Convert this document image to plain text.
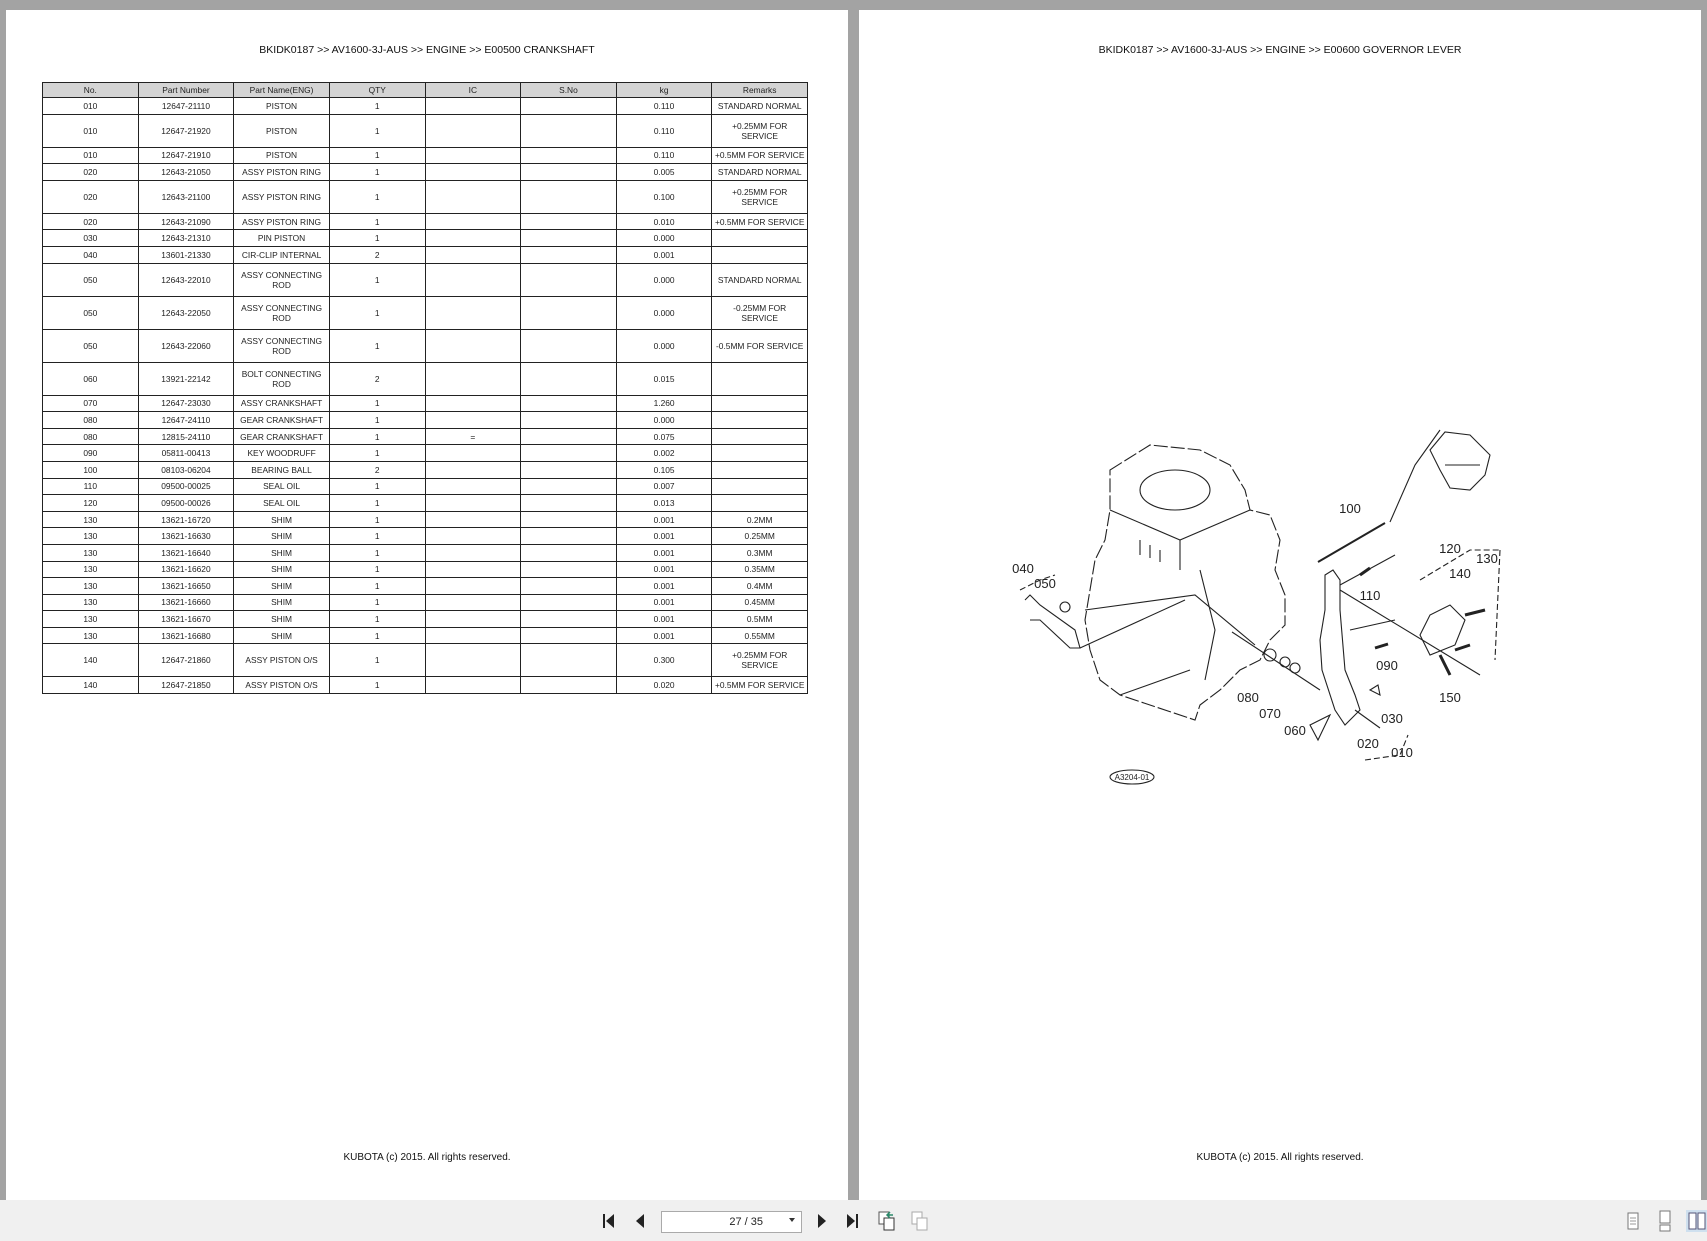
BKIDK0187 >> AV1600-3J-AUS >> ENGINE >> E00500 CRANKSHAFT
No.	Part Number	Part Name(ENG)	QTY	IC	S.No	kg	Remarks
010	12647-21110	PISTON	1			0.110	STANDARD NORMAL
010	12647-21920	PISTON	1			0.110	+0.25MM FOR SERVICE
010	12647-21910	PISTON	1			0.110	+0.5MM FOR SERVICE
020	12643-21050	ASSY PISTON RING	1			0.005	STANDARD NORMAL
020	12643-21100	ASSY PISTON RING	1			0.100	+0.25MM FOR SERVICE
020	12643-21090	ASSY PISTON RING	1			0.010	+0.5MM FOR SERVICE
030	12643-21310	PIN PISTON	1			0.000	
040	13601-21330	CIR-CLIP INTERNAL	2			0.001	
050	12643-22010	ASSY CONNECTING ROD	1			0.000	STANDARD NORMAL
050	12643-22050	ASSY CONNECTING ROD	1			0.000	-0.25MM FOR SERVICE
050	12643-22060	ASSY CONNECTING ROD	1			0.000	-0.5MM FOR SERVICE
060	13921-22142	BOLT CONNECTING ROD	2			0.015	
070	12647-23030	ASSY CRANKSHAFT	1			1.260	
080	12647-24110	GEAR CRANKSHAFT	1			0.000	
080	12815-24110	GEAR CRANKSHAFT	1	=		0.075	
090	05811-00413	KEY WOODRUFF	1			0.002	
100	08103-06204	BEARING BALL	2			0.105	
110	09500-00025	SEAL OIL	1			0.007	
120	09500-00026	SEAL OIL	1			0.013	
130	13621-16720	SHIM	1			0.001	0.2MM
130	13621-16630	SHIM	1			0.001	0.25MM
130	13621-16640	SHIM	1			0.001	0.3MM
130	13621-16620	SHIM	1			0.001	0.35MM
130	13621-16650	SHIM	1			0.001	0.4MM
130	13621-16660	SHIM	1			0.001	0.45MM
130	13621-16670	SHIM	1			0.001	0.5MM
130	13621-16680	SHIM	1			0.001	0.55MM
140	12647-21860	ASSY PISTON O/S	1			0.300	+0.25MM FOR SERVICE
140	12647-21850	ASSY PISTON O/S	1			0.020	+0.5MM FOR SERVICE
KUBOTA (c) 2015. All rights reserved.
BKIDK0187 >> AV1600-3J-AUS >> ENGINE >> E00600 GOVERNOR LEVER
010
020
030
040
050
060
070
080
090
100
110
120
130
140
150
A3204-01
KUBOTA (c) 2015. All rights reserved.
27 / 35
